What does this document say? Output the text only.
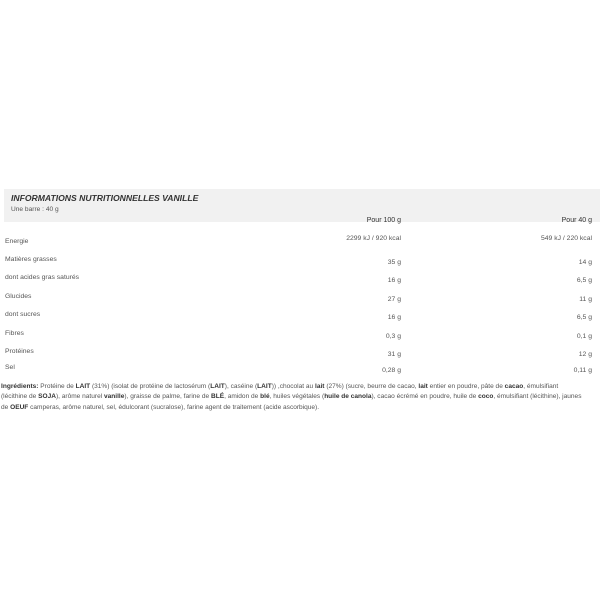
INFORMATIONS NUTRITIONNELLES VANILLE
Une barre : 40 g
Pour 100 g	Pour 40 g
Energie	2299 kJ / 920 kcal	549 kJ / 220 kcal
Matières grasses	35 g	14 g
dont acides gras saturés	16 g	6,5 g
Glucides	27 g	11 g
dont sucres	16 g	6,5 g
Fibres	0,3 g	0,1 g
Protéines	31 g	12 g
Sel	0,28 g	0,11 g
Ingrédients: Protéine de LAIT (31%) (isolat de protéine de lactosérum (LAIT), caséine (LAIT)) ,chocolat au lait (27%) (sucre, beurre de cacao, lait entier en poudre, pâte de cacao, émulsifiant (lécithine de SOJA), arôme naturel vanille), graisse de palme, farine de BLÉ, amidon de blé, huiles végétales (huile de canola), cacao écrémé en poudre, huile de coco, émulsifiant (lécithine), jaunes de OEUF camperas, arôme naturel, sel, édulcorant (sucralose), farine agent de traitement (acide ascorbique).
